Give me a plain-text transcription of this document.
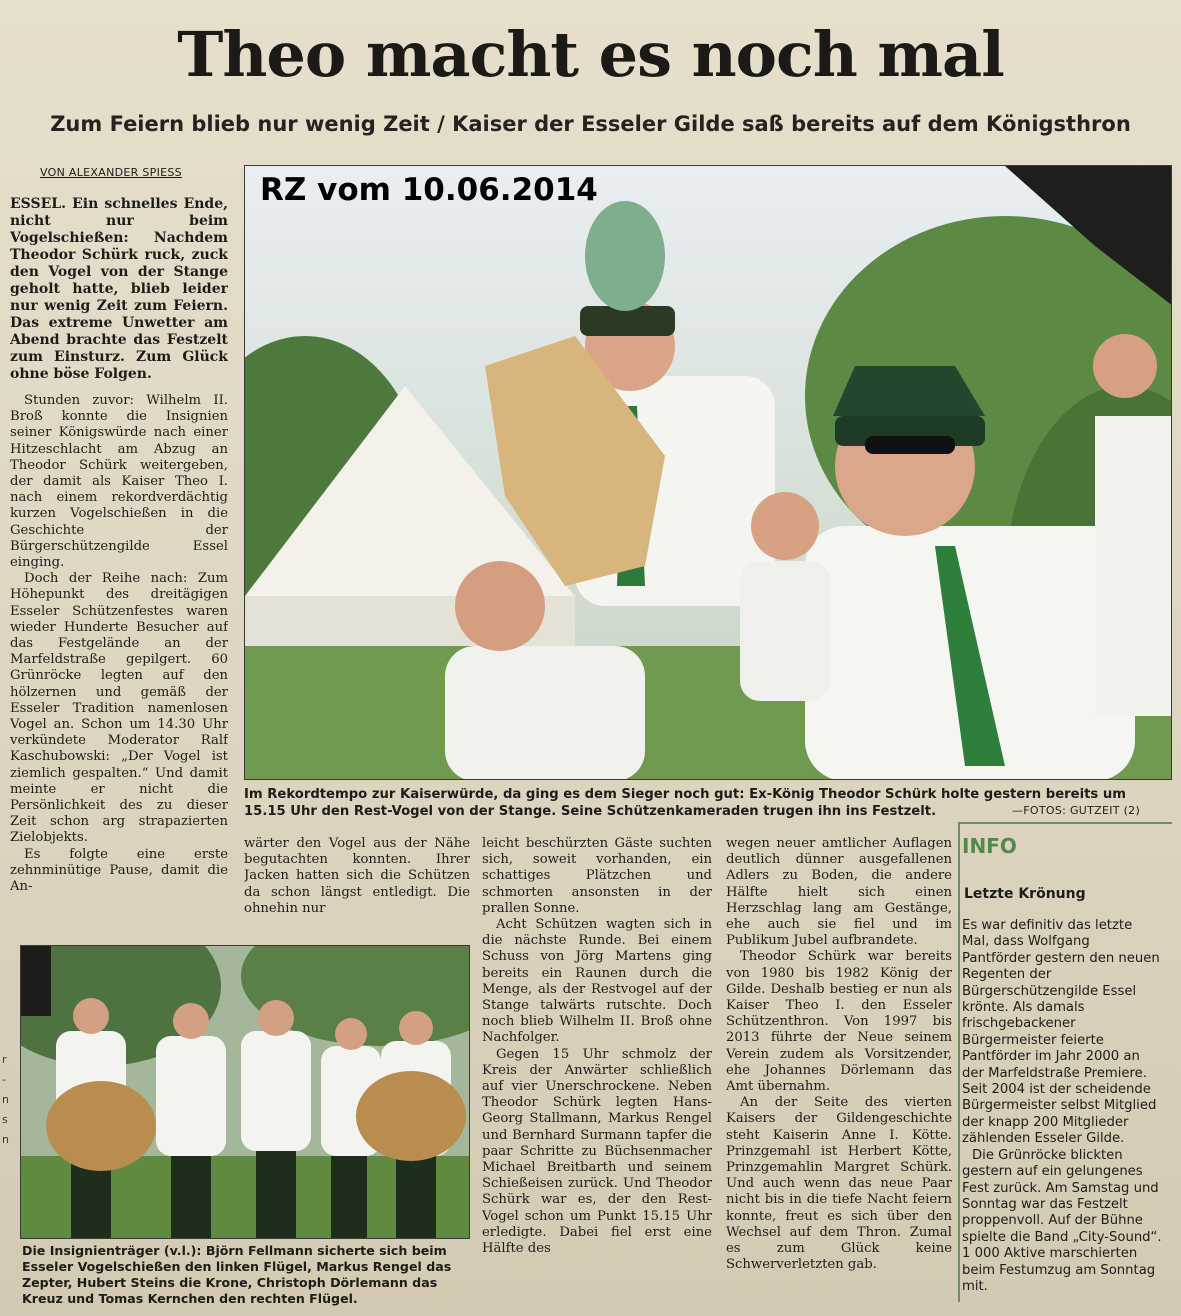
Theo macht es noch mal
Zum Feiern blieb nur wenig Zeit / Kaiser der Esseler Gilde saß bereits auf dem Königsthron
VON ALEXANDER SPIESS	RZ vom 10.06.2014
Im Rekordtempo zur Kaiserwürde, da ging es dem Sieger noch gut: Ex-König Theodor Schürk holte gestern bereits um 15.15 Uhr den Rest-Vogel von der Stange. Seine Schützenkameraden trugen ihn ins Festzelt.	—FOTOS: GUTZEIT (2)

ESSEL. Ein schnelles Ende, nicht nur beim Vogelschießen: Nachdem Theodor Schürk ruck, zuck den Vogel von der Stange geholt hatte, blieb leider nur wenig Zeit zum Feiern. Das extreme Unwetter am Abend brachte das Festzelt zum Einsturz. Zum Glück ohne böse Folgen.

Stunden zuvor: Wilhelm II. Broß konnte die Insignien seiner Königswürde nach einer Hitzeschlacht am Abzug an Theodor Schürk weitergeben, der damit als Kaiser Theo I. nach einem rekordverdächtig kurzen Vogelschießen in die Geschichte der Bürgerschützengilde Essel einging.

Doch der Reihe nach: Zum Höhepunkt des dreitägigen Esseler Schützenfestes waren wieder Hunderte Besucher auf das Festgelände an der Marfeldstraße gepilgert. 60 Grünröcke legten auf den hölzernen und gemäß der Esseler Tradition namenlosen Vogel an. Schon um 14.30 Uhr verkündete Moderator Ralf Kaschubowski: „Der Vogel ist ziemlich gespalten.“ Und damit meinte er nicht die Persönlichkeit des zu dieser Zeit schon arg strapazierten Zielobjekts.

Es folgte eine erste zehnminütige Pause, damit die An-

wärter den Vogel aus der Nähe begutachten konnten. Ihrer Jacken hatten sich die Schützen da schon längst entledigt. Die ohnehin nur

leicht beschürzten Gäste suchten sich, soweit vorhanden, ein schattiges Plätzchen und schmorten ansonsten in der prallen Sonne.

Acht Schützen wagten sich in die nächste Runde. Bei einem Schuss von Jörg Martens ging bereits ein Raunen durch die Menge, als der Restvogel auf der Stange talwärts rutschte. Doch noch blieb Wilhelm II. Broß ohne Nachfolger.

Gegen 15 Uhr schmolz der Kreis der Anwärter schließlich auf vier Unerschrockene. Neben Theodor Schürk legten Hans-Georg Stallmann, Markus Rengel und Bernhard Surmann tapfer die paar Schritte zu Büchsenmacher Michael Breitbarth und seinem Schießeisen zurück. Und Theodor Schürk war es, der den Rest-Vogel schon um Punkt 15.15 Uhr erledigte. Dabei fiel erst eine Hälfte des

wegen neuer amtlicher Auflagen deutlich dünner ausgefallenen Adlers zu Boden, die andere Hälfte hielt sich einen Herzschlag lang am Gestänge, ehe auch sie fiel und im Publikum Jubel aufbrandete.

Theodor Schürk war bereits von 1980 bis 1982 König der Gilde. Deshalb bestieg er nun als Kaiser Theo I. den Esseler Schützenthron. Von 1997 bis 2013 führte der Neue seinem Verein zudem als Vorsitzender, ehe Johannes Dörlemann das Amt übernahm.

An der Seite des vierten Kaisers der Gildengeschichte steht Kaiserin Anne I. Kötte. Prinzgemahl ist Herbert Kötte, Prinzgemahlin Margret Schürk. Und auch wenn das neue Paar nicht bis in die tiefe Nacht feiern konnte, freut es sich über den Wechsel auf dem Thron. Zumal es zum Glück keine Schwerverletzten gab.

Die Insignienträger (v.l.): Björn Fellmann sicherte sich beim Esseler Vogelschießen den linken Flügel, Markus Rengel das Zepter, Hubert Steins die Krone, Christoph Dörlemann das Kreuz und Tomas Kernchen den rechten Flügel.
INFO
Letzte Krönung

Es war definitiv das letzte Mal, dass Wolfgang Pantförder gestern den neuen Regenten der Bürgerschützengilde Essel krönte. Als damals frischgebackener Bürgermeister feierte Pantförder im Jahr 2000 an der Marfeldstraße Premiere. Seit 2004 ist der scheidende Bürgermeister selbst Mitglied der knapp 200 Mitglieder zählenden Esseler Gilde.

Die Grünröcke blickten gestern auf ein gelungenes Fest zurück. Am Samstag und Sonntag war das Festzelt proppenvoll. Auf der Bühne spielte die Band „City-Sound“. 1 000 Aktive marschierten beim Festumzug am Sonntag mit.

r
-
n
s
n
